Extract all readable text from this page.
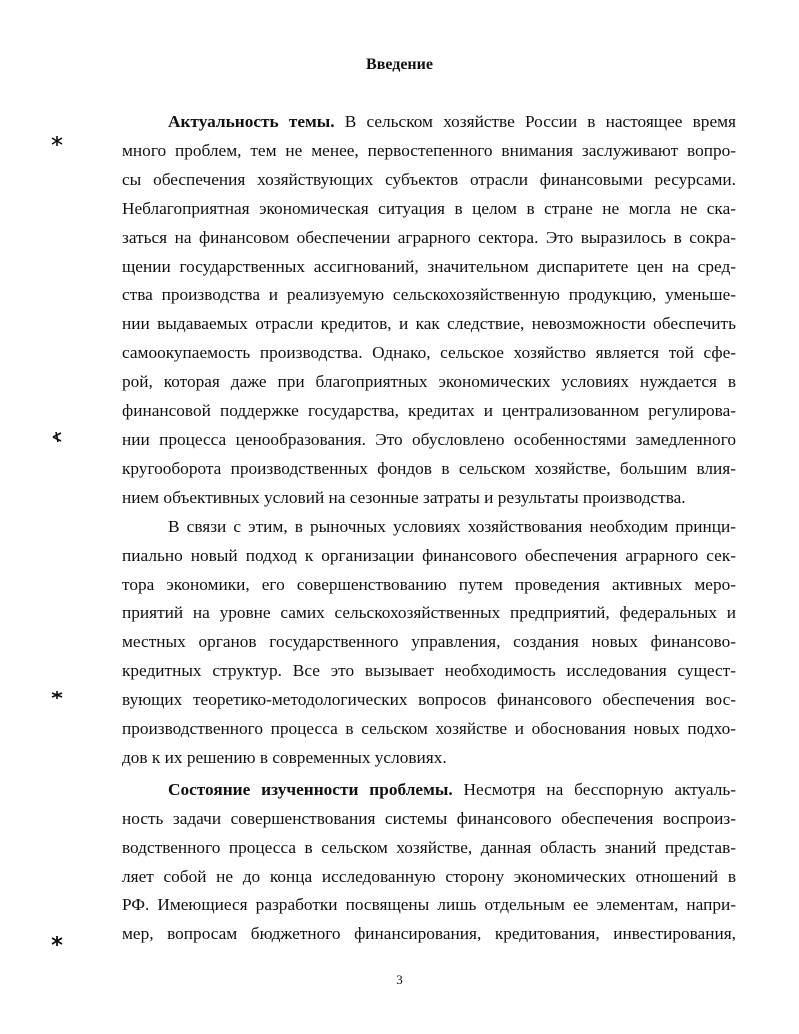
Введение
Актуальность темы. В сельском хозяйстве России в настоящее время
много проблем, тем не менее, первостепенного внимания заслуживают вопро-
сы обеспечения хозяйствующих субъектов отрасли финансовыми ресурсами.
Неблагоприятная экономическая ситуация в целом в стране не могла не ска-
заться на финансовом обеспечении аграрного сектора. Это выразилось в сокра-
щении государственных ассигнований, значительном диспаритете цен на сред-
ства производства и реализуемую сельскохозяйственную продукцию, уменьше-
нии выдаваемых отрасли кредитов, и как следствие, невозможности обеспечить
самоокупаемость производства. Однако, сельское хозяйство является той сфе-
рой, которая даже при благоприятных экономических условиях нуждается в
финансовой поддержке государства, кредитах и централизованном регулирова-
нии процесса ценообразования. Это обусловлено особенностями замедленного
кругооборота производственных фондов в сельском хозяйстве, большим влия-
нием объективных условий на сезонные затраты и результаты производства.
В связи с этим, в рыночных условиях хозяйствования необходим принци-
пиально новый подход к организации финансового обеспечения аграрного сек-
тора экономики, его совершенствованию путем проведения активных меро-
приятий на уровне самих сельскохозяйственных предприятий, федеральных и
местных органов государственного управления, создания новых финансово-
кредитных структур. Все это вызывает необходимость исследования сущест-
вующих теоретико-методологических вопросов финансового обеспечения вос-
производственного процесса в сельском хозяйстве и обоснования новых подхо-
дов к их решению в современных условиях.
Состояние изученности проблемы. Несмотря на бесспорную актуаль-
ность задачи совершенствования системы финансового обеспечения воспроиз-
водственного процесса в сельском хозяйстве, данная область знаний представ-
ляет собой не до конца исследованную сторону экономических отношений в
РФ. Имеющиеся разработки посвящены лишь отдельным ее элементам, напри-
мер, вопросам бюджетного финансирования, кредитования, инвестирования,
3
